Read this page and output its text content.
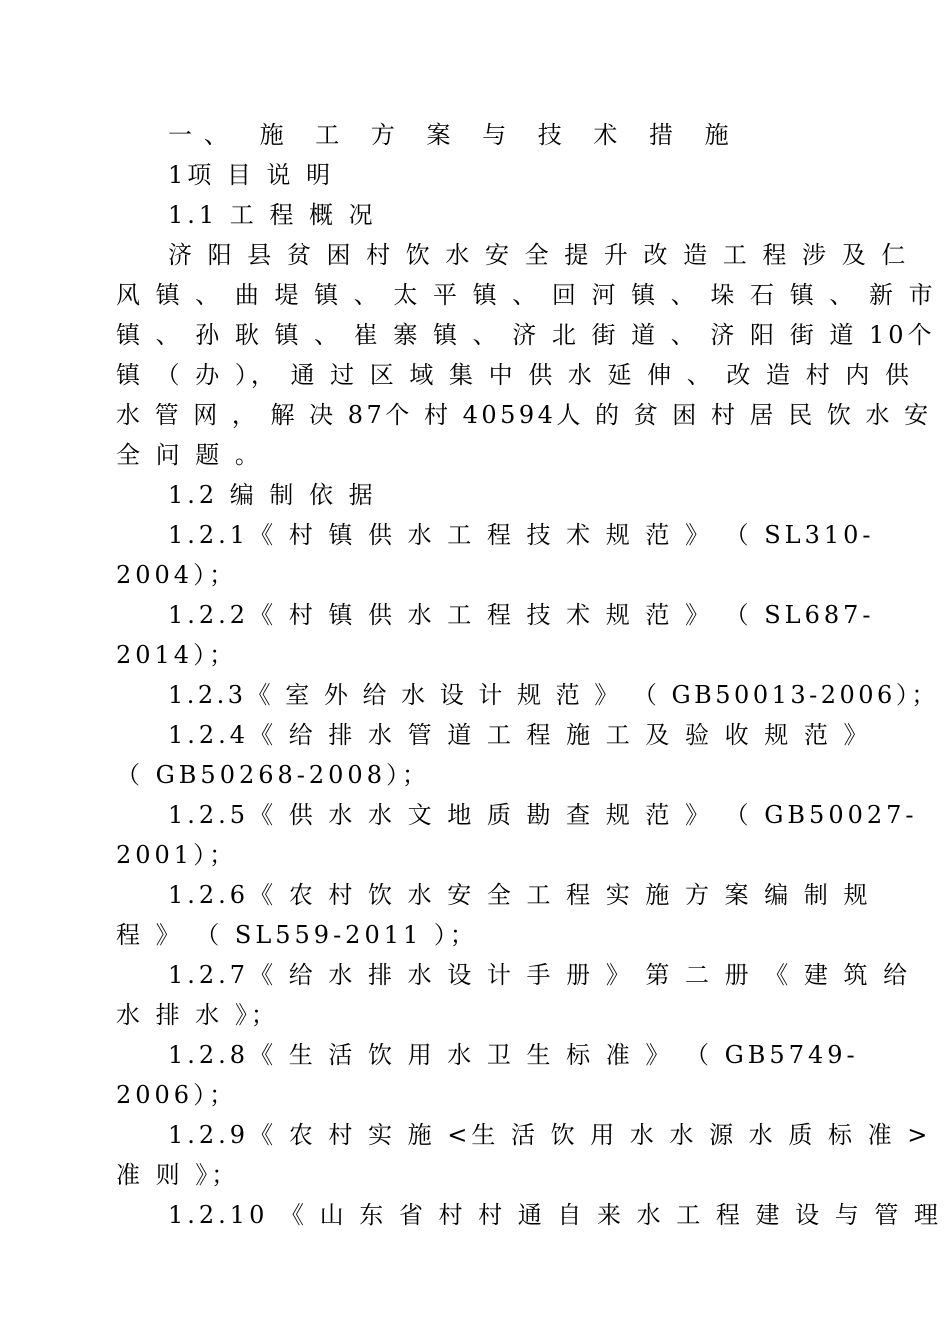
一、 施 工 方 案 与 技 术 措 施

1项 目 说 明

1.1 工 程 概 况

济 阳 县 贫 困 村 饮 水 安 全 提 升 改 造 工 程 涉 及 仁

风 镇 、 曲 堤 镇 、 太 平 镇 、 回 河 镇 、 垛 石 镇 、 新 市

镇 、 孙 耿 镇 、 崔 寨 镇 、 济 北 街 道 、 济 阳 街 道 10个

镇 （ 办 ）， 通 过 区 域 集 中 供 水 延 伸 、 改 造 村 内 供

水 管 网 ， 解 决 87个 村 40594人 的 贫 困 村 居 民 饮 水 安

全 问 题 。

1.2 编 制 依 据

1.2.1《 村 镇 供 水 工 程 技 术 规 范 》 （ SL310-

2004）；

1.2.2《 村 镇 供 水 工 程 技 术 规 范 》 （ SL687-

2014）；

1.2.3《 室 外 给 水 设 计 规 范 》 （ GB50013-2006）；

1.2.4《 给 排 水 管 道 工 程 施 工 及 验 收 规 范 》

（ GB50268-2008）；

1.2.5《 供 水 水 文 地 质 勘 查 规 范 》 （ GB50027-

2001）；

1.2.6《 农 村 饮 水 安 全 工 程 实 施 方 案 编 制 规

程 》 （ SL559-2011 ）；

1.2.7《 给 水 排 水 设 计 手 册 》 第 二 册 《 建 筑 给

水 排 水 》；

1.2.8《 生 活 饮 用 水 卫 生 标 准 》 （ GB5749-

2006）；

1.2.9《 农 村 实 施 <生 活 饮 用 水 水 源 水 质 标 准 >

准 则 》；

1.2.10 《 山 东 省 村 村 通 自 来 水 工 程 建 设 与 管 理
